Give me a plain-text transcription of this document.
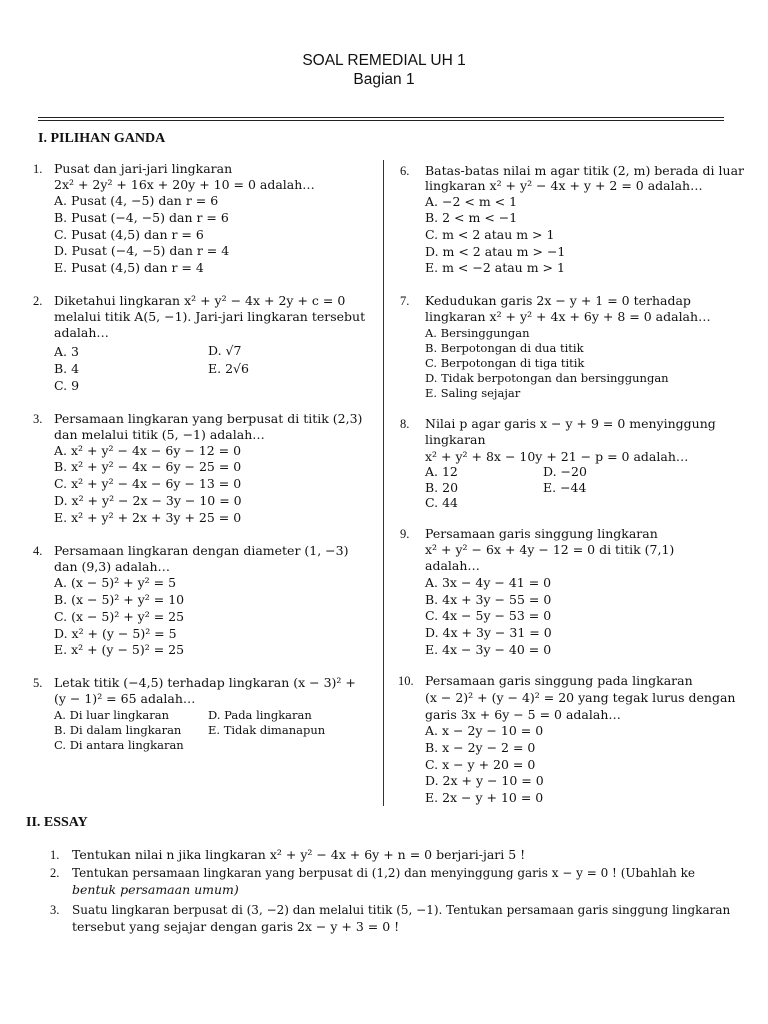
SOAL REMEDIAL UH 1
Bagian 1
I. PILIHAN GANDA
1. Pusat dan jari-jari lingkaran
2x² + 2y² + 16x + 20y + 10 = 0 adalah…
A. Pusat (4, −5) dan r = 6
B. Pusat (−4, −5) dan r = 6
C. Pusat (4,5) dan r = 6
D. Pusat (−4, −5) dan r = 4
E. Pusat (4,5) dan r = 4
2. Diketahui lingkaran x² + y² − 4x + 2y + c = 0
melalui titik A(5, −1). Jari-jari lingkaran tersebut
adalah…
A. 3
B. 4
C. 9
D. √7
E. 2√6
3. Persamaan lingkaran yang berpusat di titik (2,3)
dan melalui titik (5, −1) adalah…
A. x² + y² − 4x − 6y − 12 = 0
B. x² + y² − 4x − 6y − 25 = 0
C. x² + y² − 4x − 6y − 13 = 0
D. x² + y² − 2x − 3y − 10 = 0
E. x² + y² + 2x + 3y + 25 = 0
4. Persamaan lingkaran dengan diameter (1, −3)
dan (9,3) adalah…
A. (x − 5)² + y² = 5
B. (x − 5)² + y² = 10
C. (x − 5)² + y² = 25
D. x² + (y − 5)² = 5
E. x² + (y − 5)² = 25
5. Letak titik (−4,5) terhadap lingkaran (x − 3)² +
(y − 1)² = 65 adalah…
A. Di luar lingkaran
B. Di dalam lingkaran
C. Di antara lingkaran
D. Pada lingkaran
E. Tidak dimanapun
6. Batas-batas nilai m agar titik (2, m) berada di luar
lingkaran x² + y² − 4x + y + 2 = 0 adalah…
A. −2 < m < 1
B. 2 < m < −1
C. m < 2 atau m > 1
D. m < 2 atau m > −1
E. m < −2 atau m > 1
7. Kedudukan garis 2x − y + 1 = 0 terhadap
lingkaran x² + y² + 4x + 6y + 8 = 0 adalah…
A. Bersinggungan
B. Berpotongan di dua titik
C. Berpotongan di tiga titik
D. Tidak berpotongan dan bersinggungan
E. Saling sejajar
8. Nilai p agar garis x − y + 9 = 0 menyinggung
lingkaran
x² + y² + 8x − 10y + 21 − p = 0 adalah…
A. 12
B. 20
C. 44
D. −20
E. −44
9. Persamaan garis singgung lingkaran
x² + y² − 6x + 4y − 12 = 0 di titik (7,1)
adalah…
A. 3x − 4y − 41 = 0
B. 4x + 3y − 55 = 0
C. 4x − 5y − 53 = 0
D. 4x + 3y − 31 = 0
E. 4x − 3y − 40 = 0
10. Persamaan garis singgung pada lingkaran
(x − 2)² + (y − 4)² = 20 yang tegak lurus dengan
garis 3x + 6y − 5 = 0 adalah…
A. x − 2y − 10 = 0
B. x − 2y − 2 = 0
C. x − y + 20 = 0
D. 2x + y − 10 = 0
E. 2x − y + 10 = 0
II. ESSAY
1. Tentukan nilai n jika lingkaran x² + y² − 4x + 6y + n = 0 berjari-jari 5 !
2. Tentukan persamaan lingkaran yang berpusat di (1,2) dan menyinggung garis x − y = 0 ! (Ubahlah ke
bentuk persamaan umum)
3. Suatu lingkaran berpusat di (3, −2) dan melalui titik (5, −1). Tentukan persamaan garis singgung lingkaran
tersebut yang sejajar dengan garis 2x − y + 3 = 0 !
